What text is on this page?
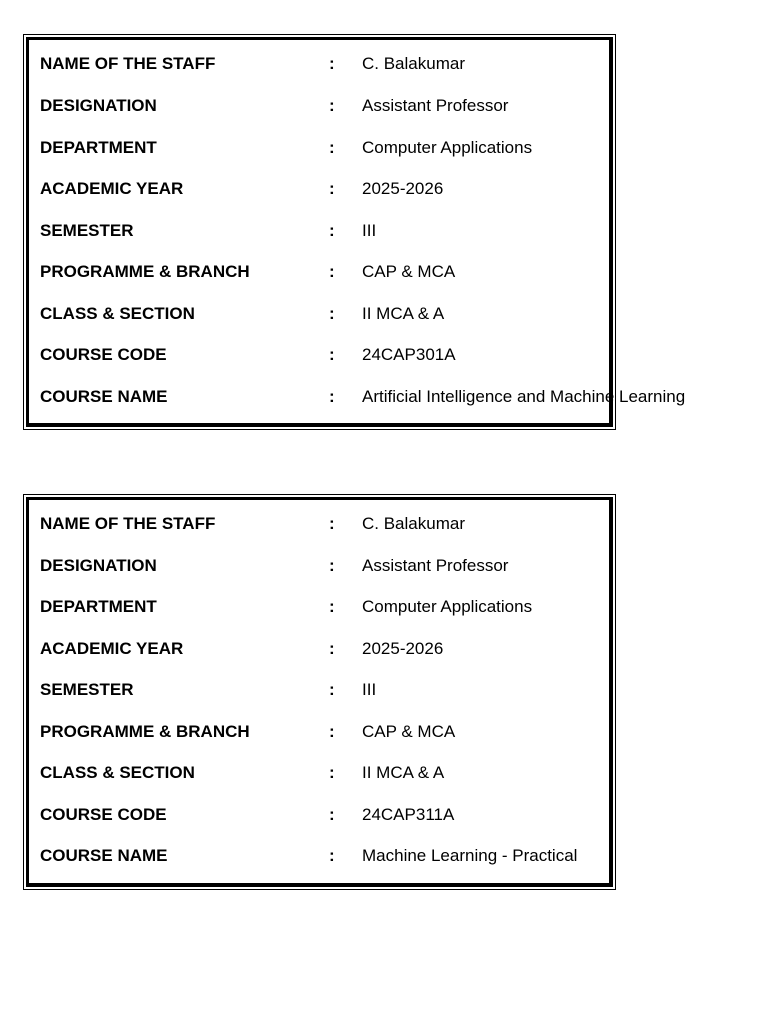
NAME OF THE STAFF	: C. Balakumar
DESIGNATION	: Assistant Professor
DEPARTMENT	: Computer Applications
ACADEMIC YEAR	: 2025-2026
SEMESTER	: III
PROGRAMME & BRANCH	: CAP & MCA
CLASS & SECTION	: II MCA & A
COURSE CODE	: 24CAP301A
COURSE NAME	: Artificial Intelligence and Machine Learning
NAME OF THE STAFF	: C. Balakumar
DESIGNATION	: Assistant Professor
DEPARTMENT	: Computer Applications
ACADEMIC YEAR	: 2025-2026
SEMESTER	: III
PROGRAMME & BRANCH	: CAP & MCA
CLASS & SECTION	: II MCA & A
COURSE CODE	: 24CAP311A
COURSE NAME	: Machine Learning - Practical
